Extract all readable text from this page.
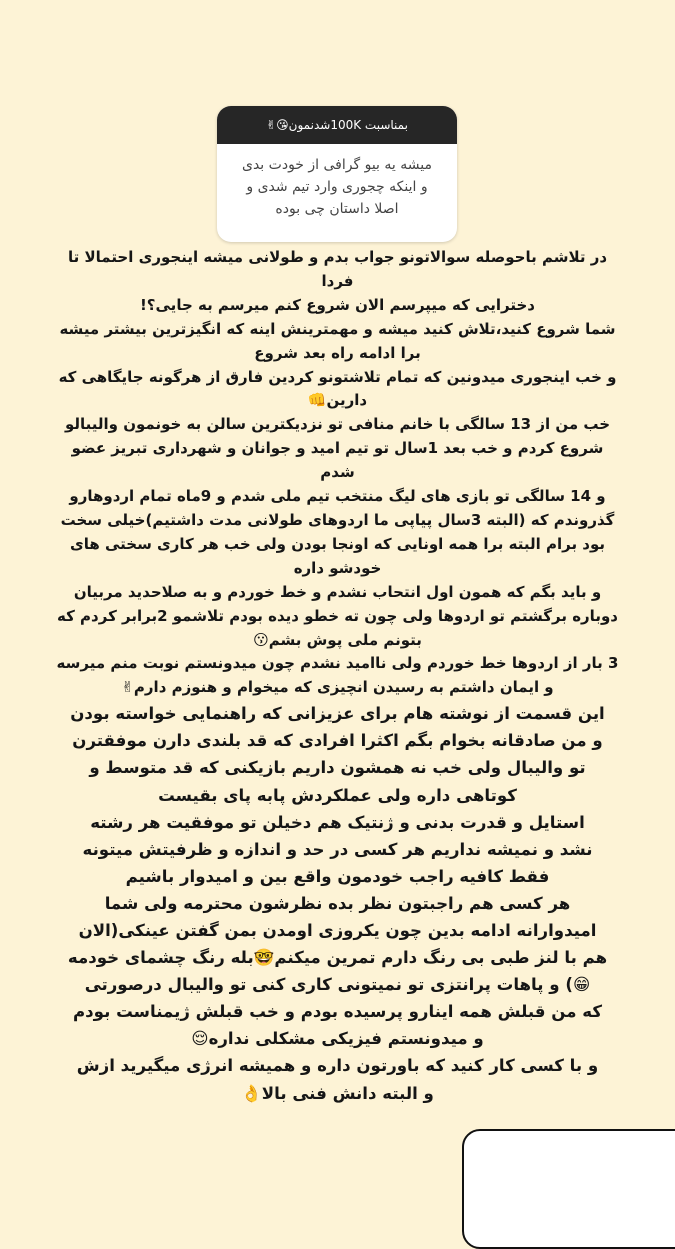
بمناسبت 100Kشدنمون😘✌
میشه یه بیو گرافی از خودت بدی
و اینکه چجوری وارد تیم شدی و
اصلا داستان چی بوده
در تلاشم باحوصله سوالاتونو جواب بدم و طولانی میشه اینجوری احتمالا تا
فردا
دخترایی که میپرسم الان شروع کنم میرسم به جایی؟!
شما شروع کنید،تلاش کنید میشه و مهمترینش اینه که انگیزترین بیشتر میشه
برا ادامه راه بعد شروع
و خب اینجوری میدونین که تمام تلاشتونو کردین فارق از هرگونه جایگاهی که
دارین👊
خب من از 13 سالگی با خانم منافی تو نزدیکترین سالن به خونمون والیبالو
شروع کردم و خب بعد 1سال تو تیم امید و جوانان و شهرداری تبریز عضو
شدم
و 14 سالگی تو بازی های لیگ منتخب تیم ملی شدم و 9ماه تمام اردوهارو
گذروندم که (البته 3سال پیاپی ما اردوهای طولانی مدت داشتیم)خیلی سخت
بود برام البته برا همه اونایی که اونجا بودن ولی خب هر کاری سختی های
خودشو داره
و باید بگم که همون اول انتحاب نشدم و خط خوردم و به صلاحدید مربیان
دوباره برگشتم تو اردوها ولی چون ته خطو دیده بودم تلاشمو 2برابر کردم که
بتونم ملی پوش بشم😗
3 بار از اردوها خط خوردم ولی ناامید نشدم چون میدونستم نوبت منم میرسه
و ایمان داشتم به رسیدن انچیزی که میخوام و هنوزم دارم✌
این قسمت از نوشته هام برای عزیزانی که راهنمایی خواسته بودن
و من صادقانه بخوام بگم اکثرا افرادی که قد بلندی دارن موفقترن
تو والیبال ولی خب نه همشون داریم بازیکنی که قد متوسط و
کوتاهی داره ولی عملکردش پابه پای بقیست
استایل و قدرت بدنی و ژنتیک هم دخیلن تو موفقیت هر رشته
نشد و نمیشه نداریم هر کسی در حد و اندازه و ظرفیتش میتونه
فقط کافیه راجب خودمون واقع بین و امیدوار باشیم
هر کسی هم راجبتون نظر بده نظرشون محترمه ولی شما
امیدوارانه ادامه بدین چون یکروزی اومدن بمن گفتن عینکی(الان
هم با لنز طبی بی رنگ دارم تمرین میکنم🤓بله رنگ چشمای خودمه
😁) و پاهات پرانتزی تو نمیتونی کاری کنی تو والیبال درصورتی
که من قبلش همه اینارو پرسیده بودم و خب قبلش ژیمناست بودم
و میدونستم فیزیکی مشکلی نداره😌
و با کسی کار کنید که باورتون داره و همیشه انرژی میگیرید ازش
و البته دانش فنی بالا👌
